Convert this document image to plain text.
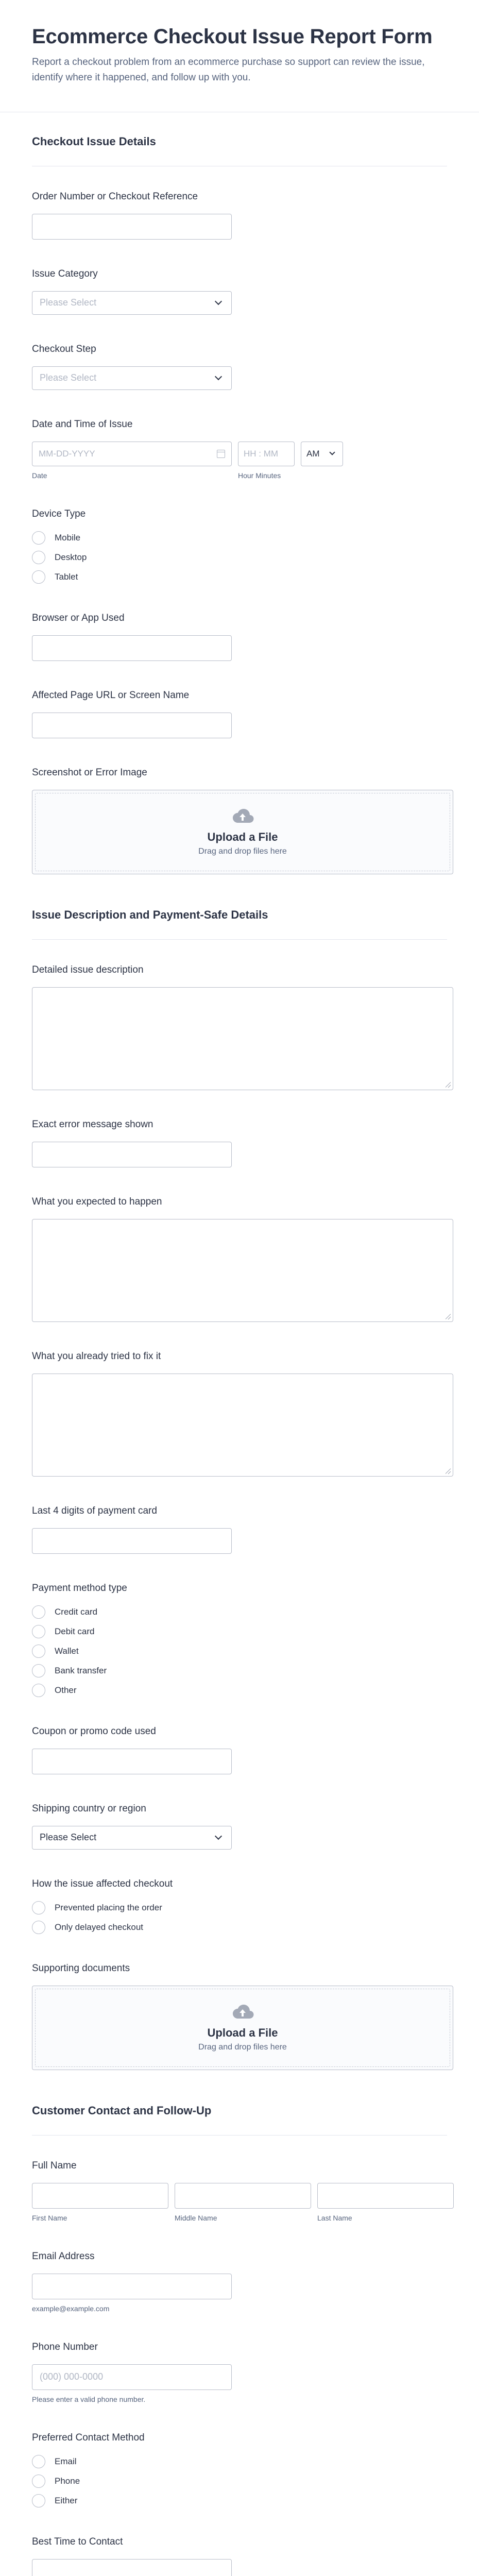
Ecommerce Checkout Issue Report Form
Report a checkout problem from an ecommerce purchase so support can review the issue, identify where it happened, and follow up with you.
Checkout Issue Details
Order Number or Checkout Reference
Issue Category
Please Select
Checkout Step
Please Select
Date and Time of Issue
MM-DD-YYYY
Date
HH : MM
Hour Minutes
AM
Device Type
Mobile
Desktop
Tablet
Browser or App Used
Affected Page URL or Screen Name
Screenshot or Error Image
Upload a File
Drag and drop files here
Issue Description and Payment-Safe Details
Detailed issue description
Exact error message shown
What you expected to happen
What you already tried to fix it
Last 4 digits of payment card
Payment method type
Credit card
Debit card
Wallet
Bank transfer
Other
Coupon or promo code used
Shipping country or region
Please Select
How the issue affected checkout
Prevented placing the order
Only delayed checkout
Supporting documents
Upload a File
Drag and drop files here
Customer Contact and Follow-Up
Full Name
First Name	Middle Name	Last Name
Email Address
example@example.com
Phone Number
(000) 000-0000
Please enter a valid phone number.
Preferred Contact Method
Email
Phone
Either
Best Time to Contact
